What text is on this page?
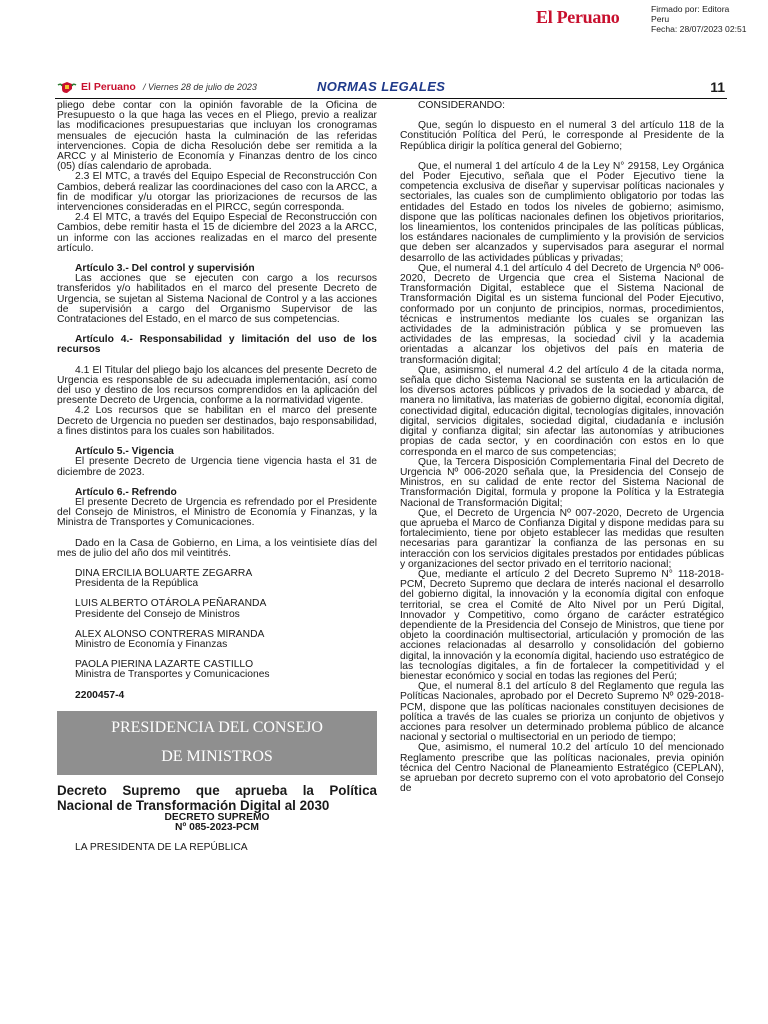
El Peruano	Firmado por: Editora
Peru
Fecha: 28/07/2023 02:51
El Peruano / Viernes 28 de julio de 2023	NORMAS LEGALES	11

pliego debe contar con la opinión favorable de la Oficina de Presupuesto o la que haga las veces en el Pliego, previo a realizar las modificaciones presupuestarias que incluyan los cronogramas mensuales de ejecución hasta la culminación de las referidas intervenciones. Copia de dicha Resolución debe ser remitida a la ARCC y al Ministerio de Economía y Finanzas dentro de los cinco (05) días calendario de aprobada.

2.3 El MTC, a través del Equipo Especial de Reconstrucción Con Cambios, deberá realizar las coordinaciones del caso con la ARCC, a fin de modificar y/u otorgar las priorizaciones de recursos de las intervenciones consideradas en el PIRCC, según corresponda.

2.4 El MTC, a través del Equipo Especial de Reconstrucción con Cambios, debe remitir hasta el 15 de diciembre del 2023 a la ARCC, un informe con las acciones realizadas en el marco del presente artículo.

Artículo 3.- Del control y supervisión

Las acciones que se ejecuten con cargo a los recursos transferidos y/o habilitados en el marco del presente Decreto de Urgencia, se sujetan al Sistema Nacional de Control y a las acciones de supervisión a cargo del Organismo Supervisor de las Contrataciones del Estado, en el marco de sus competencias.

Artículo 4.- Responsabilidad y limitación del uso de los recursos

4.1 El Titular del pliego bajo los alcances del presente Decreto de Urgencia es responsable de su adecuada implementación, así como del uso y destino de los recursos comprendidos en la aplicación del presente Decreto de Urgencia, conforme a la normatividad vigente.

4.2 Los recursos que se habilitan en el marco del presente Decreto de Urgencia no pueden ser destinados, bajo responsabilidad, a fines distintos para los cuales son habilitados.

Artículo 5.- Vigencia

El presente Decreto de Urgencia tiene vigencia hasta el 31 de diciembre de 2023.

Artículo 6.- Refrendo

El presente Decreto de Urgencia es refrendado por el Presidente del Consejo de Ministros, el Ministro de Economía y Finanzas, y la Ministra de Transportes y Comunicaciones.

Dado en la Casa de Gobierno, en Lima, a los veintisiete días del mes de julio del año dos mil veintitrés.

DINA ERCILIA BOLUARTE ZEGARRA

Presidenta de la República

LUIS ALBERTO OTÁROLA PEÑARANDA

Presidente del Consejo de Ministros

ALEX ALONSO CONTRERAS MIRANDA

Ministro de Economía y Finanzas

PAOLA PIERINA LAZARTE CASTILLO

Ministra de Transportes y Comunicaciones

2200457-4

PRESIDENCIA DEL CONSEJO
DE MINISTROS

Decreto Supremo que aprueba la Política Nacional de Transformación Digital al 2030

DECRETO SUPREMO

Nº 085-2023-PCM

LA PRESIDENTA DE LA REPÚBLICA

CONSIDERANDO:

Que, según lo dispuesto en el numeral 3 del artículo 118 de la Constitución Política del Perú, le corresponde al Presidente de la República dirigir la política general del Gobierno;

Que, el numeral 1 del artículo 4 de la Ley N° 29158, Ley Orgánica del Poder Ejecutivo, señala que el Poder Ejecutivo tiene la competencia exclusiva de diseñar y supervisar políticas nacionales y sectoriales, las cuales son de cumplimiento obligatorio por todas las entidades del Estado en todos los niveles de gobierno; asimismo, dispone que las políticas nacionales definen los objetivos prioritarios, los lineamientos, los contenidos principales de las políticas públicas, los estándares nacionales de cumplimiento y la provisión de servicios que deben ser alcanzados y supervisados para asegurar el normal desarrollo de las actividades públicas y privadas;

Que, el numeral 4.1 del artículo 4 del Decreto de Urgencia Nº 006-2020, Decreto de Urgencia que crea el Sistema Nacional de Transformación Digital, establece que el Sistema Nacional de Transformación Digital es un sistema funcional del Poder Ejecutivo, conformado por un conjunto de principios, normas, procedimientos, técnicas e instrumentos mediante los cuales se organizan las actividades de la administración pública y se promueven las actividades de las empresas, la sociedad civil y la academia orientadas a alcanzar los objetivos del país en materia de transformación digital;

Que, asimismo, el numeral 4.2 del artículo 4 de la citada norma, señala que dicho Sistema Nacional se sustenta en la articulación de los diversos actores públicos y privados de la sociedad y abarca, de manera no limitativa, las materias de gobierno digital, economía digital, conectividad digital, educación digital, tecnologías digitales, innovación digital, servicios digitales, sociedad digital, ciudadanía e inclusión digital y confianza digital; sin afectar las autonomías y atribuciones propias de cada sector, y en coordinación con estos en lo que corresponda en el marco de sus competencias;

Que, la Tercera Disposición Complementaria Final del Decreto de Urgencia Nº 006-2020 señala que, la Presidencia del Consejo de Ministros, en su calidad de ente rector del Sistema Nacional de Transformación Digital, formula y propone la Política y la Estrategia Nacional de Transformación Digital;

Que, el Decreto de Urgencia Nº 007-2020, Decreto de Urgencia que aprueba el Marco de Confianza Digital y dispone medidas para su fortalecimiento, tiene por objeto establecer las medidas que resulten necesarias para garantizar la confianza de las personas en su interacción con los servicios digitales prestados por entidades públicas y organizaciones del sector privado en el territorio nacional;

Que, mediante el artículo 2 del Decreto Supremo N° 118-2018-PCM, Decreto Supremo que declara de interés nacional el desarrollo del gobierno digital, la innovación y la economía digital con enfoque territorial, se crea el Comité de Alto Nivel por un Perú Digital, Innovador y Competitivo, como órgano de carácter estratégico dependiente de la Presidencia del Consejo de Ministros, que tiene por objeto la coordinación multisectorial, articulación y promoción de las acciones relacionadas al desarrollo y consolidación del gobierno digital, la innovación y la economía digital, haciendo uso estratégico de las tecnologías digitales, a fin de fortalecer la competitividad y el bienestar económico y social en todas las regiones del Perú;

Que, el numeral 8.1 del artículo 8 del Reglamento que regula las Políticas Nacionales, aprobado por el Decreto Supremo Nº 029-2018-PCM, dispone que las políticas nacionales constituyen decisiones de política a través de las cuales se prioriza un conjunto de objetivos y acciones para resolver un determinado problema público de alcance nacional y sectorial o multisectorial en un periodo de tiempo;

Que, asimismo, el numeral 10.2 del artículo 10 del mencionado Reglamento prescribe que las políticas nacionales, previa opinión técnica del Centro Nacional de Planeamiento Estratégico (CEPLAN), se aprueban por decreto supremo con el voto aprobatorio del Consejo de
